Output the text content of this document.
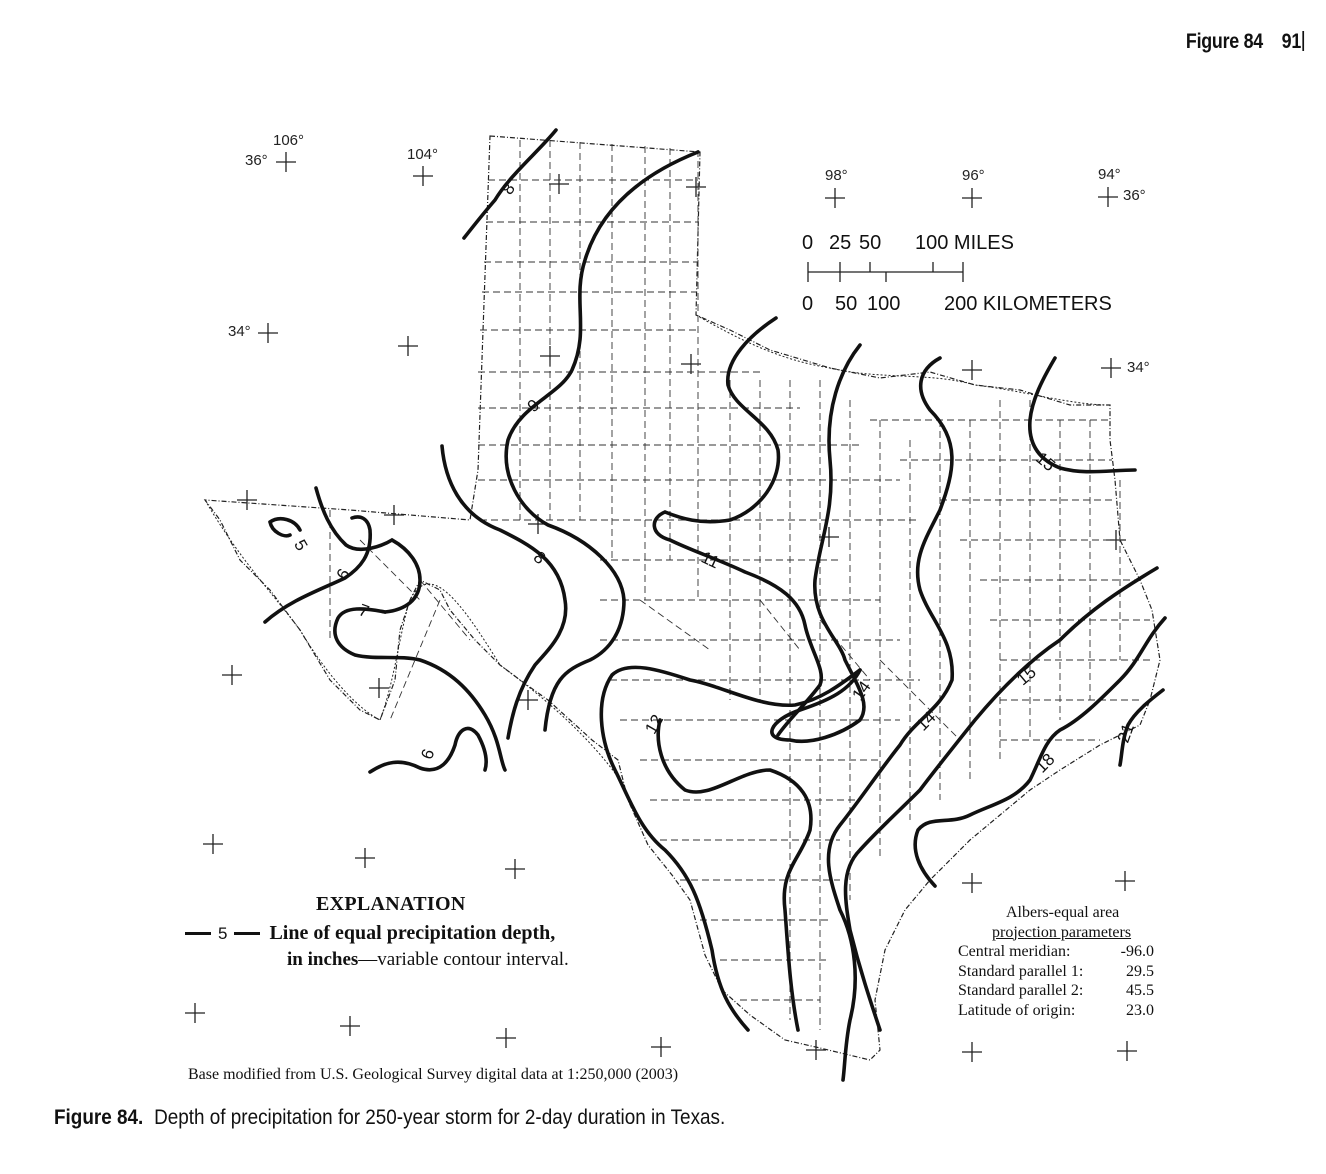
Figure 84 91
106°
104°
98°	96°	94°
36°
34°
34°
36°
0 25 50 100 MILES
0 50 100 200 KILOMETERS
8
9
8
5
6
7
6
11
12
14
14
15
15
18
21
EXPLANATION
5 Line of equal precipitation depth,
in inches—variable contour interval.
Albers-equal area
projection parameters
Central meridian:	-96.0
Standard parallel 1:	29.5
Standard parallel 2:	45.5
Latitude of origin:	23.0
Base modified from U.S. Geological Survey digital data at 1:250,000 (2003)
Figure 84. Depth of precipitation for 250-year storm for 2-day duration in Texas.
